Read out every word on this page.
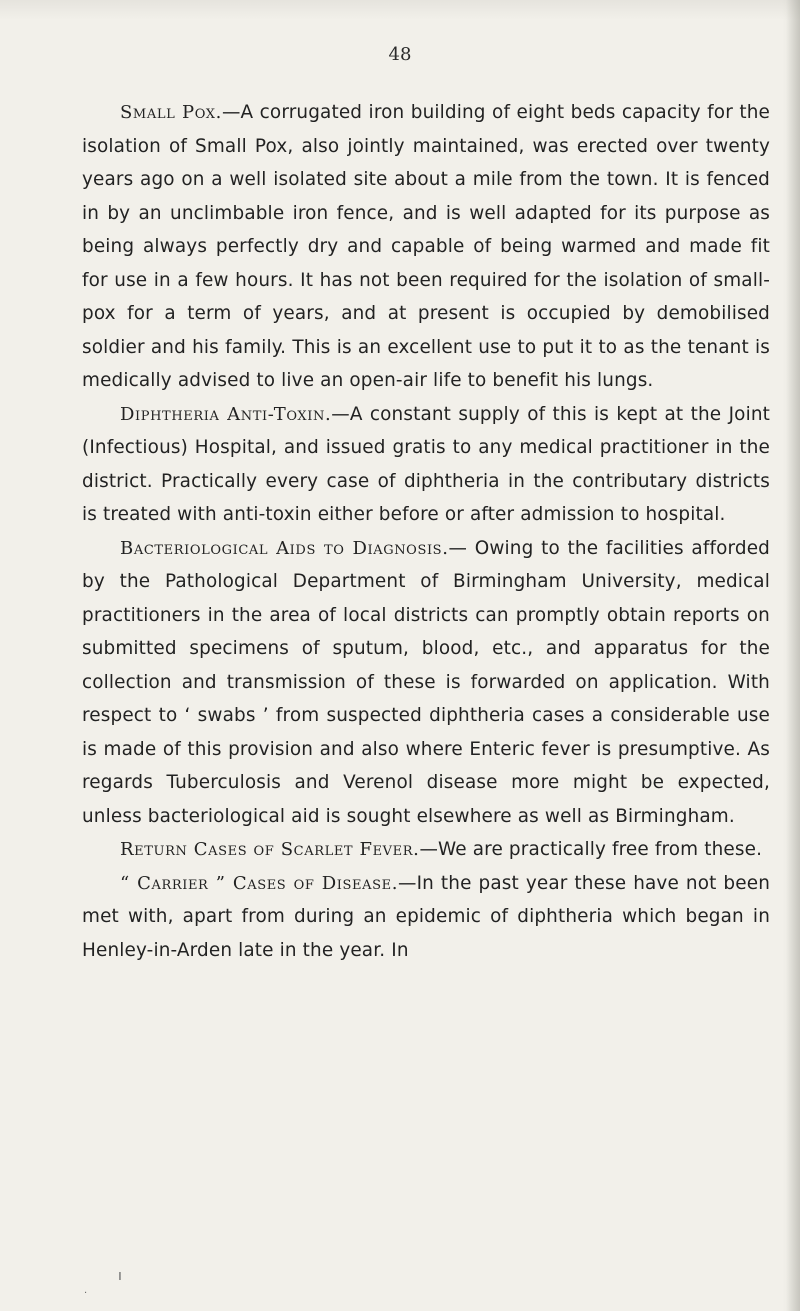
48

Small Pox.—A corrugated iron building of eight beds capacity for the isolation of Small Pox, also jointly maintained, was erected over twenty years ago on a well isolated site about a mile from the town. It is fenced in by an unclimbable iron fence, and is well adapted for its purpose as being always perfectly dry and capable of being warmed and made fit for use in a few hours. It has not been required for the isolation of small-pox for a term of years, and at present is occupied by demobilised soldier and his family. This is an excellent use to put it to as the tenant is medically advised to live an open-air life to benefit his lungs.

Diphtheria Anti-Toxin.—A constant supply of this is kept at the Joint (Infectious) Hospital, and issued gratis to any medical practitioner in the district. Practically every case of diphtheria in the contributary districts is treated with anti-toxin either before or after admission to hospital.

Bacteriological Aids to Diagnosis.— Owing to the facilities afforded by the Pathological Department of Birmingham University, medical practitioners in the area of local districts can promptly obtain reports on submitted specimens of sputum, blood, etc., and apparatus for the collection and transmission of these is forwarded on application. With respect to ‘ swabs ’ from suspected diphtheria cases a considerable use is made of this provision and also where Enteric fever is presumptive. As regards Tuberculosis and Verenol disease more might be expected, unless bacteriological aid is sought elsewhere as well as Birmingham.

Return Cases of Scarlet Fever.—We are practically free from these.

“ Carrier ” Cases of Disease.—In the past year these have not been met with, apart from during an epidemic of diphtheria which began in Henley-in-Arden late in the year. In

ı
·
